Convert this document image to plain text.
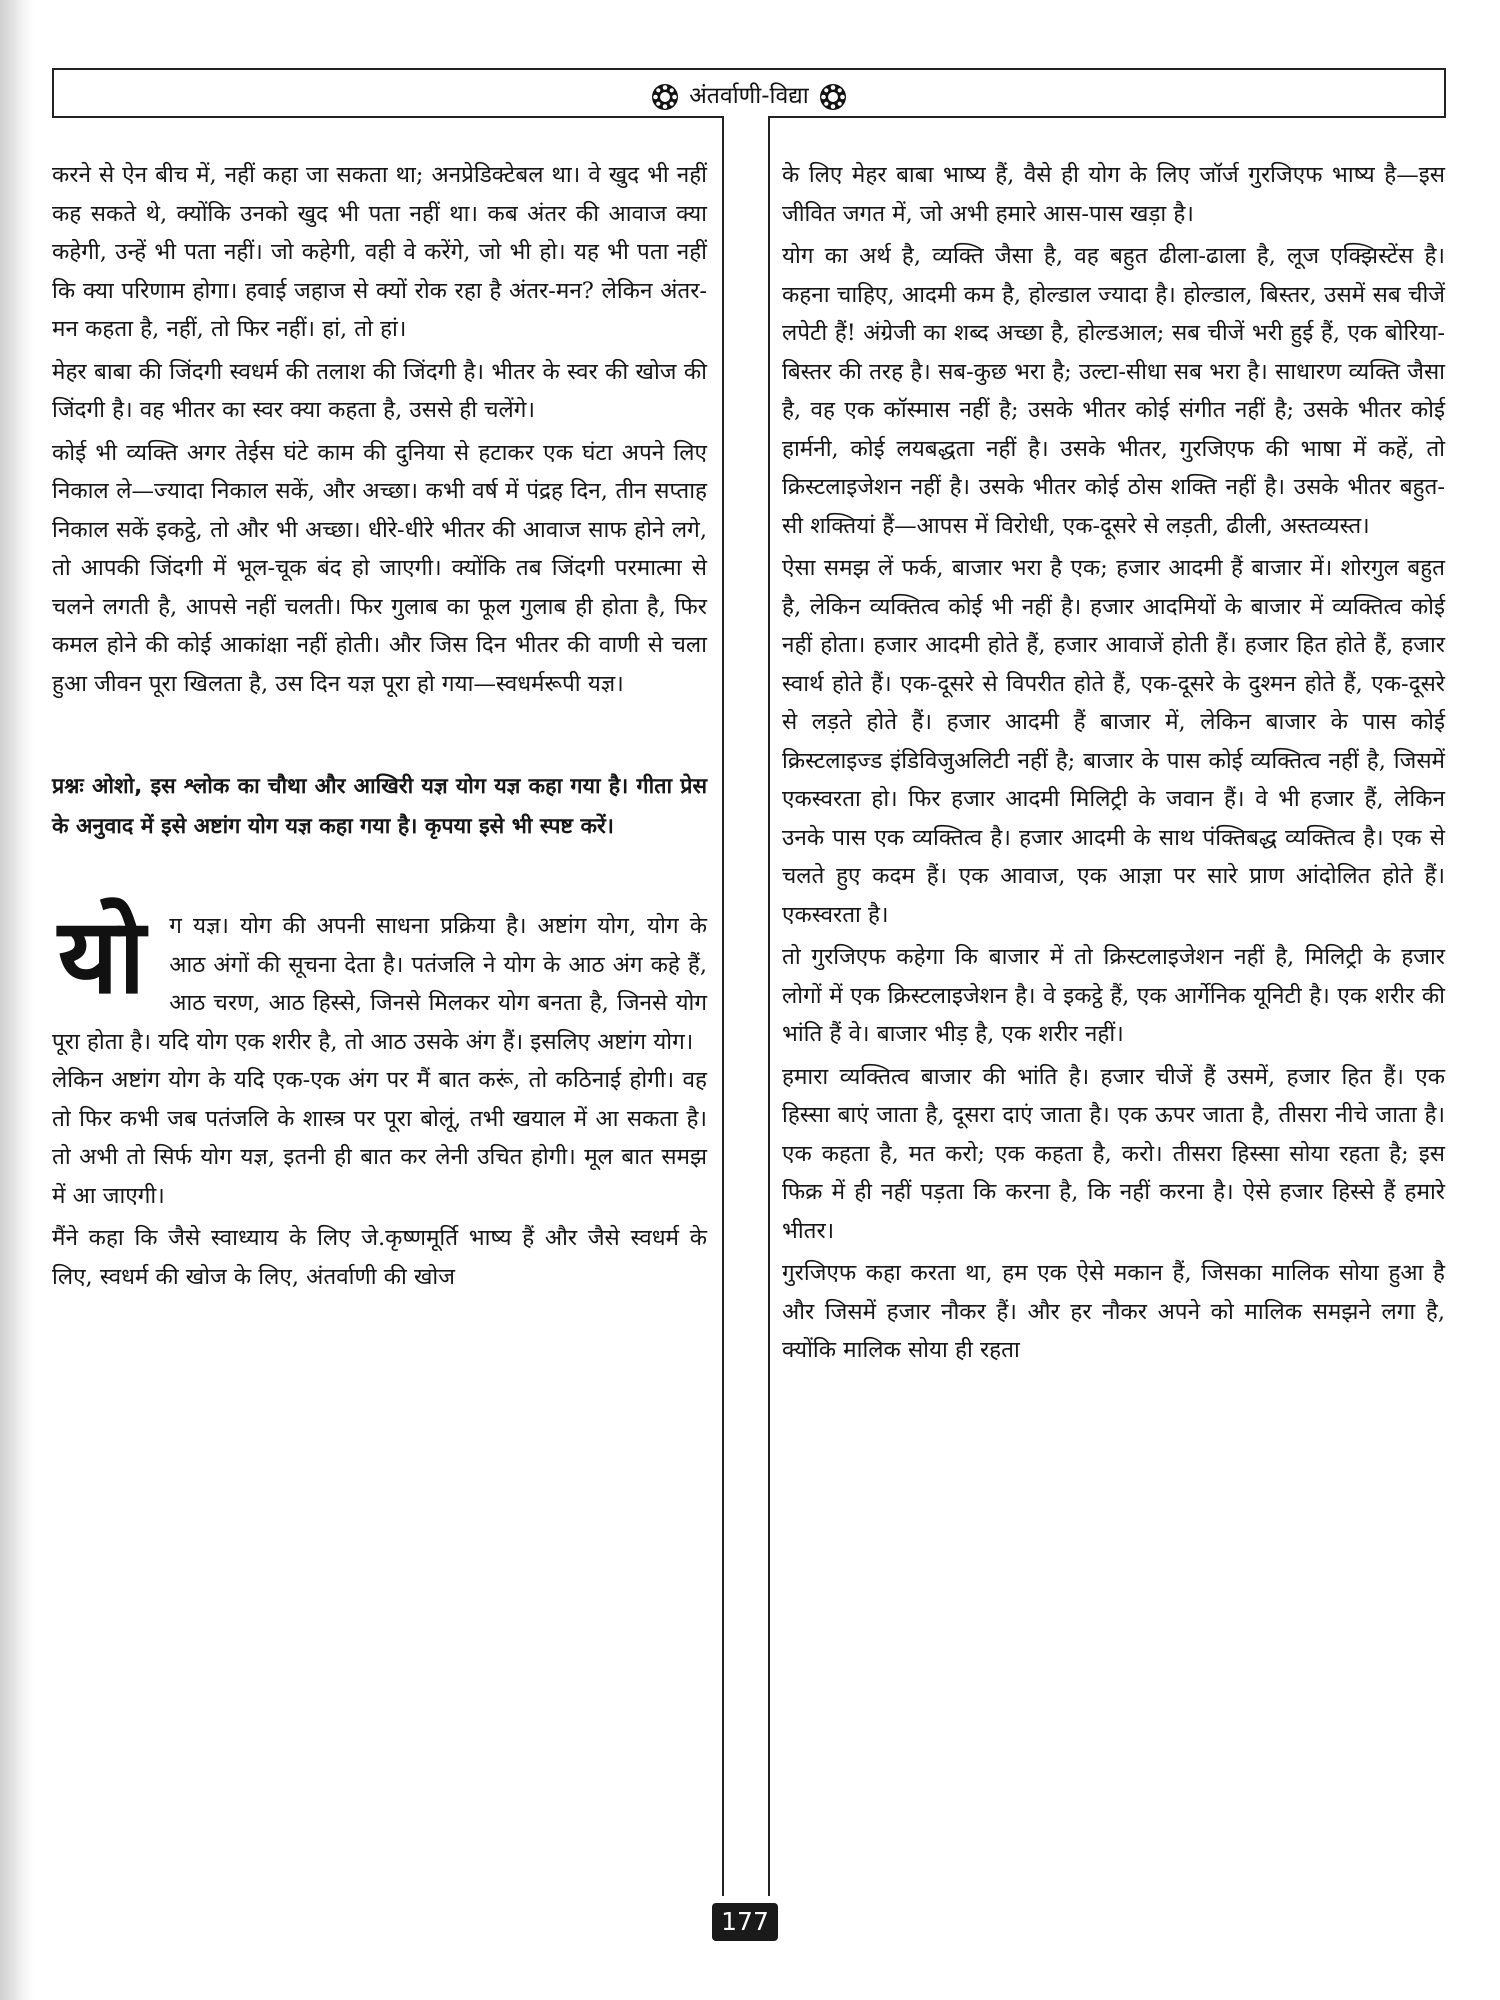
अंतर्वाणी-विद्या

करने से ऐन बीच में, नहीं कहा जा सकता था; अनप्रेडिक्टेबल था। वे खुद भी नहीं कह सकते थे, क्योंकि उनको खुद भी पता नहीं था। कब अंतर की आवाज क्या कहेगी, उन्हें भी पता नहीं। जो कहेगी, वही वे करेंगे, जो भी हो। यह भी पता नहीं कि क्या परिणाम होगा। हवाई जहाज से क्यों रोक रहा है अंतर-मन? लेकिन अंतर-मन कहता है, नहीं, तो फिर नहीं। हां, तो हां।

मेहर बाबा की जिंदगी स्वधर्म की तलाश की जिंदगी है। भीतर के स्वर की खोज की जिंदगी है। वह भीतर का स्वर क्या कहता है, उससे ही चलेंगे।

कोई भी व्यक्ति अगर तेईस घंटे काम की दुनिया से हटाकर एक घंटा अपने लिए निकाल ले—ज्यादा निकाल सकें, और अच्छा। कभी वर्ष में पंद्रह दिन, तीन सप्ताह निकाल सकें इकट्ठे, तो और भी अच्छा। धीरे-धीरे भीतर की आवाज साफ होने लगे, तो आपकी जिंदगी में भूल-चूक बंद हो जाएगी। क्योंकि तब जिंदगी परमात्मा से चलने लगती है, आपसे नहीं चलती। फिर गुलाब का फूल गुलाब ही होता है, फिर कमल होने की कोई आकांक्षा नहीं होती। और जिस दिन भीतर की वाणी से चला हुआ जीवन पूरा खिलता है, उस दिन यज्ञ पूरा हो गया—स्वधर्मरूपी यज्ञ।

प्रश्नः ओशो, इस श्लोक का चौथा और आखिरी यज्ञ योग यज्ञ कहा गया है। गीता प्रेस के अनुवाद में इसे अष्टांग योग यज्ञ कहा गया है। कृपया इसे भी स्पष्ट करें।

यो ग यज्ञ। योग की अपनी साधना प्रक्रिया है। अष्टांग योग, योग के आठ अंगों की सूचना देता है। पतंजलि ने योग के आठ अंग कहे हैं, आठ चरण, आठ हिस्से, जिनसे मिलकर योग बनता है, जिनसे योग पूरा होता है। यदि योग एक शरीर है, तो आठ उसके अंग हैं। इसलिए अष्टांग योग।

लेकिन अष्टांग योग के यदि एक-एक अंग पर मैं बात करूं, तो कठिनाई होगी। वह तो फिर कभी जब पतंजलि के शास्त्र पर पूरा बोलूं, तभी खयाल में आ सकता है। तो अभी तो सिर्फ योग यज्ञ, इतनी ही बात कर लेनी उचित होगी। मूल बात समझ में आ जाएगी।

मैंने कहा कि जैसे स्वाध्याय के लिए जे.कृष्णमूर्ति भाष्य हैं और जैसे स्वधर्म के लिए, स्वधर्म की खोज के लिए, अंतर्वाणी की खोज

के लिए मेहर बाबा भाष्य हैं, वैसे ही योग के लिए जॉर्ज गुरजिएफ भाष्य है—इस जीवित जगत में, जो अभी हमारे आस-पास खड़ा है।

योग का अर्थ है, व्यक्ति जैसा है, वह बहुत ढीला-ढाला है, लूज एक्झिस्टेंस है। कहना चाहिए, आदमी कम है, होल्डाल ज्यादा है। होल्डाल, बिस्तर, उसमें सब चीजें लपेटी हैं! अंग्रेजी का शब्द अच्छा है, होल्डआल; सब चीजें भरी हुई हैं, एक बोरिया-बिस्तर की तरह है। सब-कुछ भरा है; उल्टा-सीधा सब भरा है। साधारण व्यक्ति जैसा है, वह एक कॉस्मास नहीं है; उसके भीतर कोई संगीत नहीं है; उसके भीतर कोई हार्मनी, कोई लयबद्धता नहीं है। उसके भीतर, गुरजिएफ की भाषा में कहें, तो क्रिस्टलाइजेशन नहीं है। उसके भीतर कोई ठोस शक्ति नहीं है। उसके भीतर बहुत-सी शक्तियां हैं—आपस में विरोधी, एक-दूसरे से लड़ती, ढीली, अस्तव्यस्त।

ऐसा समझ लें फर्क, बाजार भरा है एक; हजार आदमी हैं बाजार में। शोरगुल बहुत है, लेकिन व्यक्तित्व कोई भी नहीं है। हजार आदमियों के बाजार में व्यक्तित्व कोई नहीं होता। हजार आदमी होते हैं, हजार आवाजें होती हैं। हजार हित होते हैं, हजार स्वार्थ होते हैं। एक-दूसरे से विपरीत होते हैं, एक-दूसरे के दुश्मन होते हैं, एक-दूसरे से लड़ते होते हैं। हजार आदमी हैं बाजार में, लेकिन बाजार के पास कोई क्रिस्टलाइज्ड इंडिविजुअलिटी नहीं है; बाजार के पास कोई व्यक्तित्व नहीं है, जिसमें एकस्वरता हो। फिर हजार आदमी मिलिट्री के जवान हैं। वे भी हजार हैं, लेकिन उनके पास एक व्यक्तित्व है। हजार आदमी के साथ पंक्तिबद्ध व्यक्तित्व है। एक से चलते हुए कदम हैं। एक आवाज, एक आज्ञा पर सारे प्राण आंदोलित होते हैं। एकस्वरता है।

तो गुरजिएफ कहेगा कि बाजार में तो क्रिस्टलाइजेशन नहीं है, मिलिट्री के हजार लोगों में एक क्रिस्टलाइजेशन है। वे इकट्ठे हैं, एक आर्गेनिक यूनिटी है। एक शरीर की भांति हैं वे। बाजार भीड़ है, एक शरीर नहीं।

हमारा व्यक्तित्व बाजार की भांति है। हजार चीजें हैं उसमें, हजार हित हैं। एक हिस्सा बाएं जाता है, दूसरा दाएं जाता है। एक ऊपर जाता है, तीसरा नीचे जाता है। एक कहता है, मत करो; एक कहता है, करो। तीसरा हिस्सा सोया रहता है; इस फिक्र में ही नहीं पड़ता कि करना है, कि नहीं करना है। ऐसे हजार हिस्से हैं हमारे भीतर।

गुरजिएफ कहा करता था, हम एक ऐसे मकान हैं, जिसका मालिक सोया हुआ है और जिसमें हजार नौकर हैं। और हर नौकर अपने को मालिक समझने लगा है, क्योंकि मालिक सोया ही रहता

177
